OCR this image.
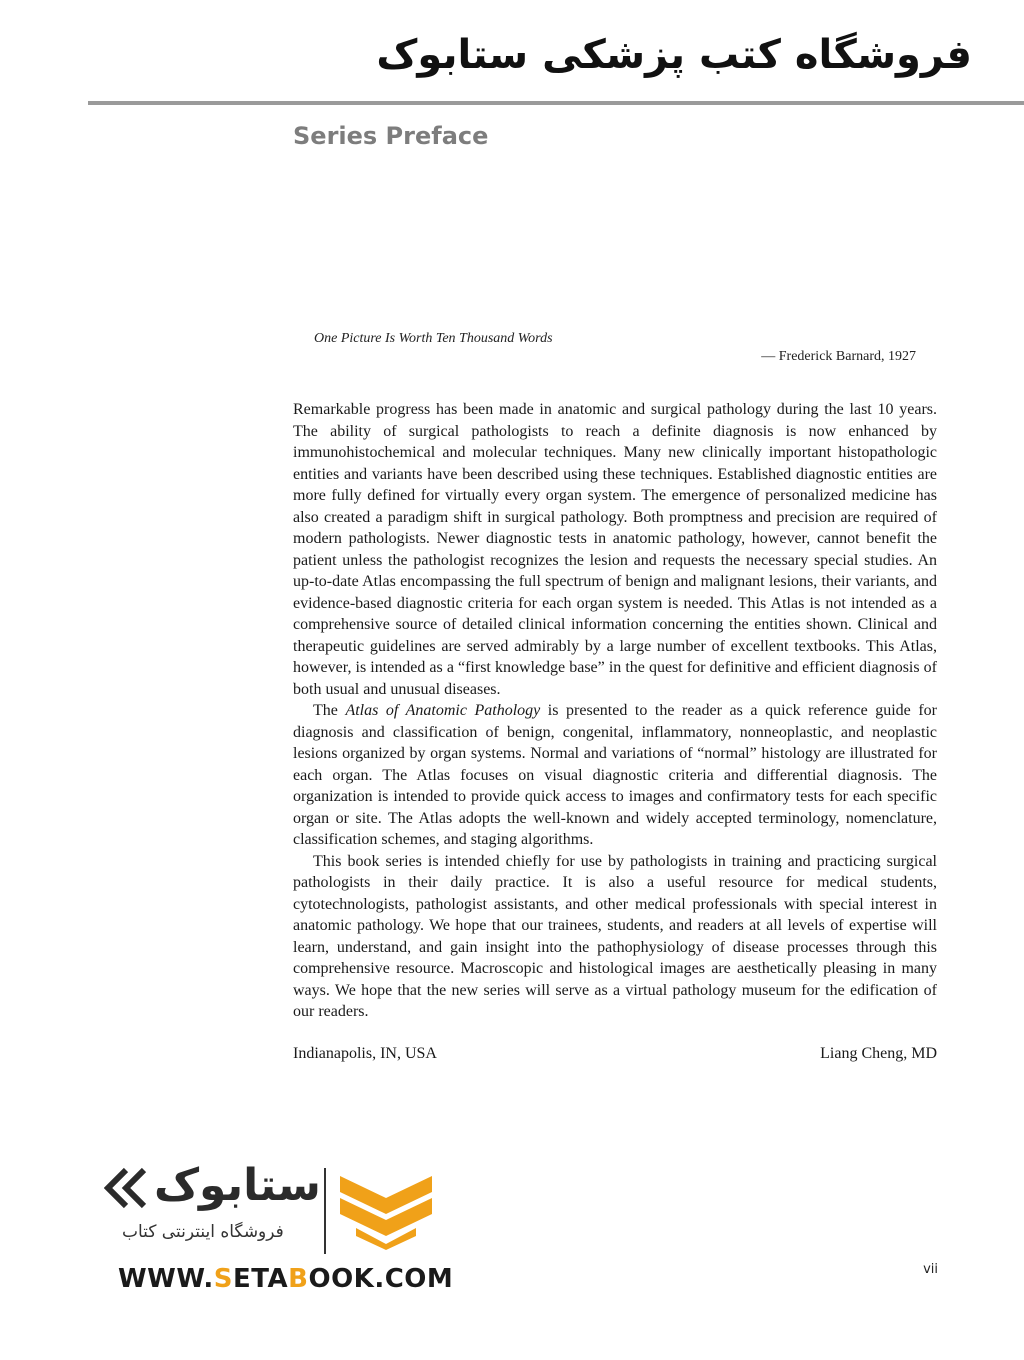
فروشگاه کتب پزشکی ستابوک
Series Preface
One Picture Is Worth Ten Thousand Words
— Frederick Barnard, 1927

Remarkable progress has been made in anatomic and surgical pathology during the last 10 years. The ability of surgical pathologists to reach a definite diagnosis is now enhanced by immunohistochemical and molecular techniques. Many new clinically important histopathologic entities and variants have been described using these techniques. Established diagnostic entities are more fully defined for virtually every organ system. The emergence of personalized medicine has also created a paradigm shift in surgical pathology. Both promptness and precision are required of modern pathologists. Newer diagnostic tests in anatomic pathology, however, cannot benefit the patient unless the pathologist recognizes the lesion and requests the necessary special studies. An up-to-date Atlas encompassing the full spectrum of benign and malignant lesions, their variants, and evidence-based diagnostic criteria for each organ system is needed. This Atlas is not intended as a comprehensive source of detailed clinical information concerning the entities shown. Clinical and therapeutic guidelines are served admirably by a large number of excellent textbooks. This Atlas, however, is intended as a “first knowledge base” in the quest for definitive and efficient diagnosis of both usual and unusual diseases.

The Atlas of Anatomic Pathology is presented to the reader as a quick reference guide for diagnosis and classification of benign, congenital, inflammatory, nonneoplastic, and neoplastic lesions organized by organ systems. Normal and variations of “normal” histology are illustrated for each organ. The Atlas focuses on visual diagnostic criteria and differential diagnosis. The organization is intended to provide quick access to images and confirmatory tests for each specific organ or site. The Atlas adopts the well-known and widely accepted terminology, nomenclature, classification schemes, and staging algorithms.

This book series is intended chiefly for use by pathologists in training and practicing surgical pathologists in their daily practice. It is also a useful resource for medical students, cytotechnologists, pathologist assistants, and other medical professionals with special interest in anatomic pathology. We hope that our trainees, students, and readers at all levels of expertise will learn, understand, and gain insight into the pathophysiology of disease processes through this comprehensive resource. Macroscopic and histological images are aesthetically pleasing in many ways. We hope that the new series will serve as a virtual pathology museum for the edification of our readers.

Indianapolis, IN, USA	Liang Cheng, MD
ستابوک
فروشگاه اینترنتی کتاب
WWW.SETABOOK.COM	vii
